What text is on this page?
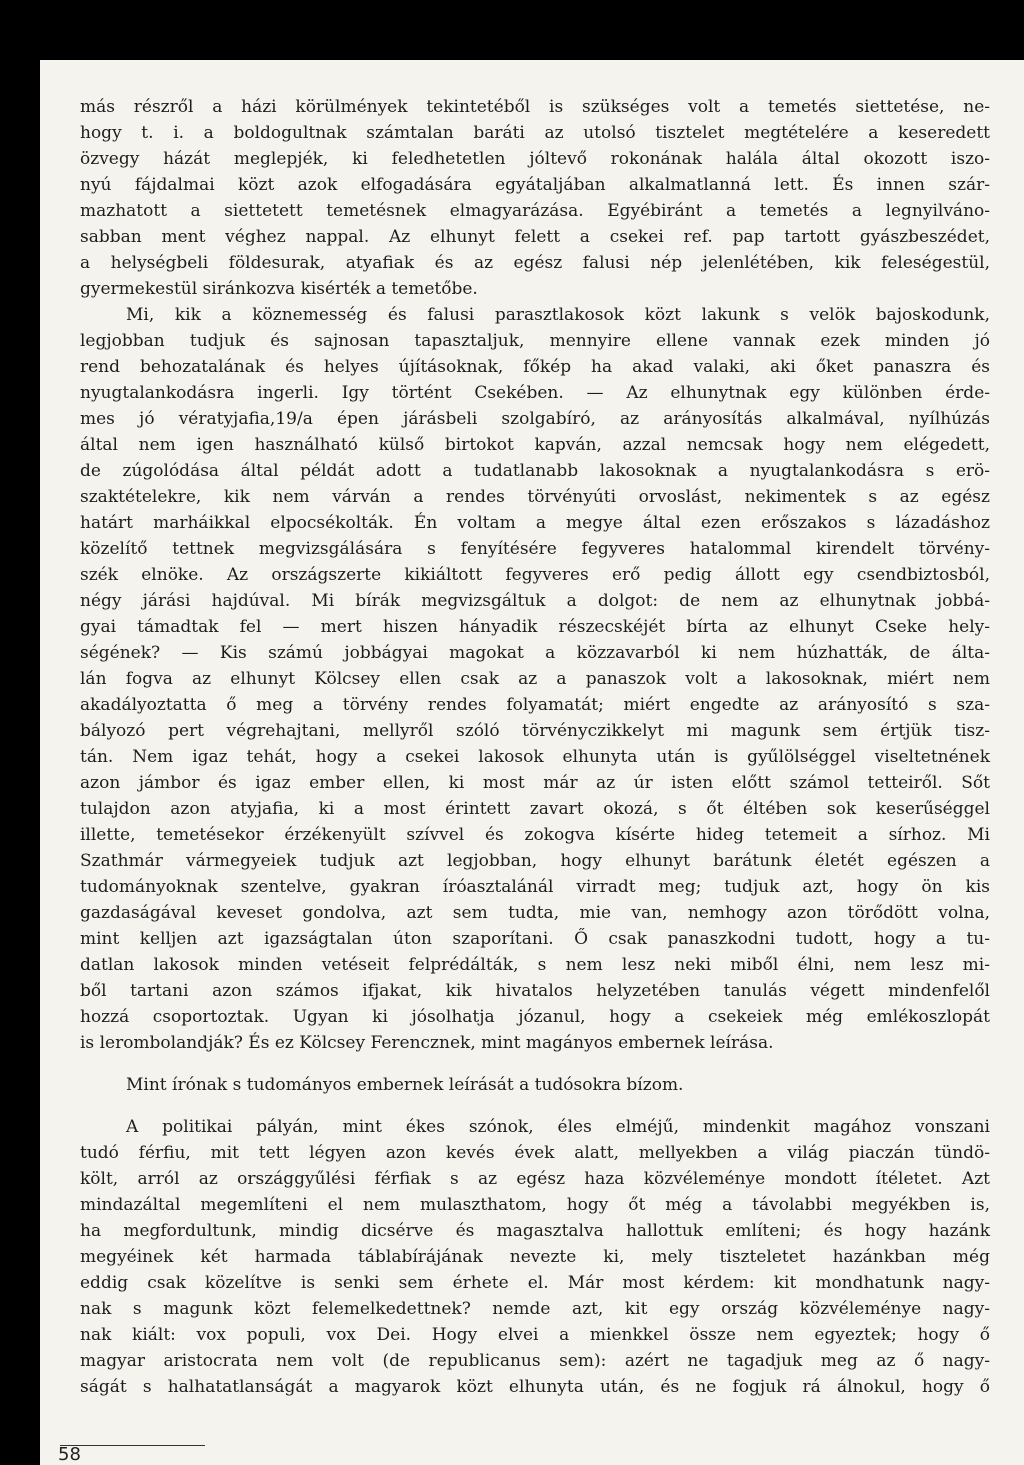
más részről a házi körülmények tekintetéből is szükséges volt a temetés siettetése, ne-
hogy t. i. a boldogultnak számtalan baráti az utolsó tisztelet megtételére a keseredett
özvegy házát meglepjék, ki feledhetetlen jóltevő rokonának halála által okozott iszo-
nyú fájdalmai közt azok elfogadására egyátaljában alkalmatlanná lett. És innen szár-
mazhatott a siettetett temetésnek elmagyarázása. Egyébiránt a temetés a legnyilváno-
sabban ment véghez nappal. Az elhunyt felett a csekei ref. pap tartott gyászbeszédet,
a helységbeli földesurak, atyafiak és az egész falusi nép jelenlétében, kik feleségestül,
gyermekestül siránkozva kisérték a temetőbe.
Mi, kik a köznemesség és falusi parasztlakosok közt lakunk s velök bajoskodunk,
legjobban tudjuk és sajnosan tapasztaljuk, mennyire ellene vannak ezek minden jó
rend behozatalának és helyes újításoknak, főkép ha akad valaki, aki őket panaszra és
nyugtalankodásra ingerli. Igy történt Csekében. — Az elhunytnak egy különben érde-
mes jó vératyjafia,19/a épen járásbeli szolgabíró, az arányosítás alkalmával, nyílhúzás
által nem igen használható külső birtokot kapván, azzal nemcsak hogy nem elégedett,
de zúgolódása által példát adott a tudatlanabb lakosoknak a nyugtalankodásra s erö-
szaktételekre, kik nem várván a rendes törvényúti orvoslást, nekimentek s az egész
határt marháikkal elpocsékolták. Én voltam a megye által ezen erőszakos s lázadáshoz
közelítő tettnek megvizsgálására s fenyítésére fegyveres hatalommal kirendelt törvény-
szék elnöke. Az országszerte kikiáltott fegyveres erő pedig állott egy csendbiztosból,
négy járási hajdúval. Mi bírák megvizsgáltuk a dolgot: de nem az elhunytnak jobbá-
gyai támadtak fel — mert hiszen hányadik részecskéjét bírta az elhunyt Cseke hely-
ségének? — Kis számú jobbágyai magokat a közzavarból ki nem húzhatták, de álta-
lán fogva az elhunyt Kölcsey ellen csak az a panaszok volt a lakosoknak, miért nem
akadályoztatta ő meg a törvény rendes folyamatát; miért engedte az arányosító s sza-
bályozó pert végrehajtani, mellyről szóló törvényczikkelyt mi magunk sem értjük tisz-
tán. Nem igaz tehát, hogy a csekei lakosok elhunyta után is gyűlölséggel viseltetnének
azon jámbor és igaz ember ellen, ki most már az úr isten előtt számol tetteiről. Sőt
tulajdon azon atyjafia, ki a most érintett zavart okozá, s őt éltében sok keserűséggel
illette, temetésekor érzékenyült szívvel és zokogva kísérte hideg tetemeit a sírhoz. Mi
Szathmár vármegyeiek tudjuk azt legjobban, hogy elhunyt barátunk életét egészen a
tudományoknak szentelve, gyakran íróasztalánál virradt meg; tudjuk azt, hogy ön kis
gazdaságával keveset gondolva, azt sem tudta, mie van, nemhogy azon törődött volna,
mint kelljen azt igazságtalan úton szaporítani. Ő csak panaszkodni tudott, hogy a tu-
datlan lakosok minden vetéseit felprédálták, s nem lesz neki miből élni, nem lesz mi-
ből tartani azon számos ifjakat, kik hivatalos helyzetében tanulás végett mindenfelől
hozzá csoportoztak. Ugyan ki jósolhatja józanul, hogy a csekeiek még emlékoszlopát
is lerombolandják? És ez Kölcsey Ferencznek, mint magányos embernek leírása.
Mint írónak s tudományos embernek leírását a tudósokra bízom.
A politikai pályán, mint ékes szónok, éles elméjű, mindenkit magához vonszani
tudó férfiu, mit tett légyen azon kevés évek alatt, mellyekben a világ piaczán tündö-
költ, arról az országgyűlési férfiak s az egész haza közvéleménye mondott ítéletet. Azt
mindazáltal megemlíteni el nem mulaszthatom, hogy őt még a távolabbi megyékben is,
ha megfordultunk, mindig dicsérve és magasztalva hallottuk említeni; és hogy hazánk
megyéinek két harmada táblabírájának nevezte ki, mely tiszteletet hazánkban még
eddig csak közelítve is senki sem érhete el. Már most kérdem: kit mondhatunk nagy-
nak s magunk közt felemelkedettnek? nemde azt, kit egy ország közvéleménye nagy-
nak kiált: vox populi, vox Dei. Hogy elvei a mienkkel össze nem egyeztek; hogy ő
magyar aristocrata nem volt (de republicanus sem): azért ne tagadjuk meg az ő nagy-
ságát s halhatatlanságát a magyarok közt elhunyta után, és ne fogjuk rá álnokul, hogy ő
58
